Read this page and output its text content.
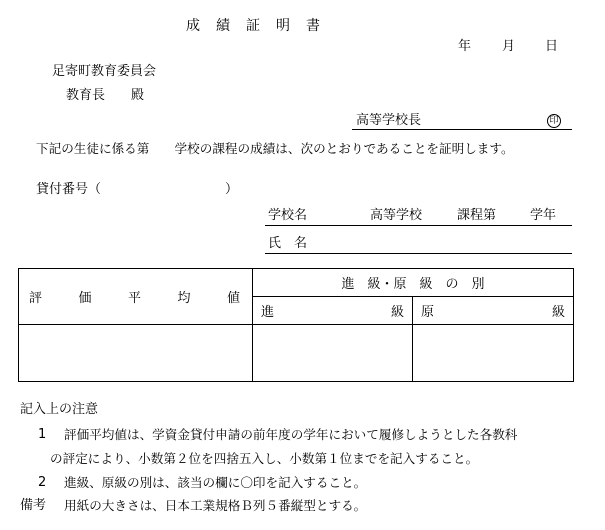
成　績　証　明　書
年 月 日
足寄町教育委員会
教育長　　殿
高等学校長	印
下記の生徒に係る第　　学校の課程の成績は、次のとおりであることを証明します。
貸付番号（	）
学校名	高等学校	課程第	学年
氏　名
評 価 平 均 値	進　級・原　級　の　別	

	進 級	原 級

記入上の注意
1 評価平均値は、学資金貸付申請の前年度の学年において履修しようとした各教科
の評定により、小数第２位を四捨五入し、小数第１位までを記入すること。
2 進級、原級の別は、該当の欄に〇印を記入すること。
備考 用紙の大きさは、日本工業規格Ｂ列５番縦型とする。
